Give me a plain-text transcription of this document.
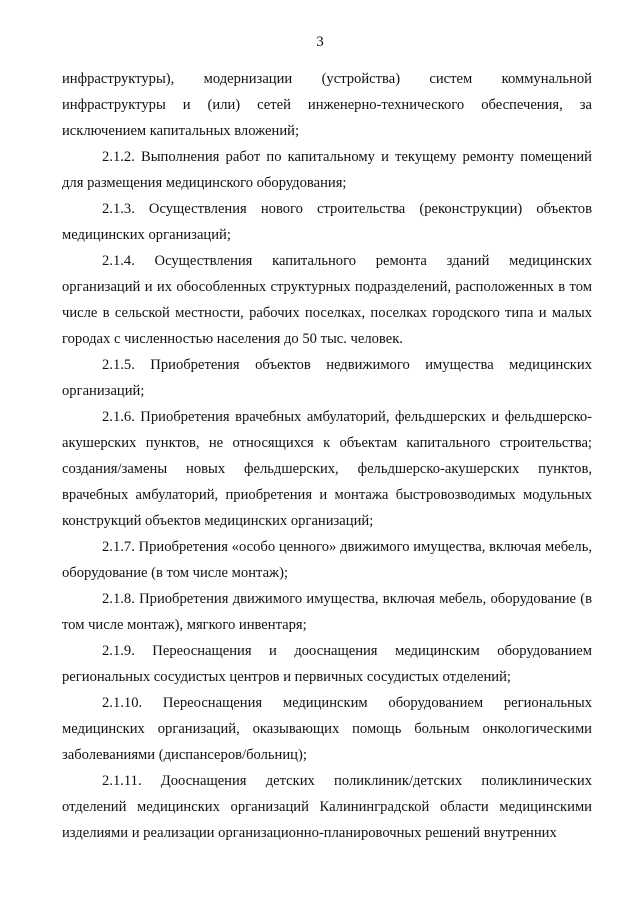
3

инфраструктуры), модернизации (устройства) систем коммунальной инфраструктуры и (или) сетей инженерно-технического обеспечения, за исключением капитальных вложений;

2.1.2. Выполнения работ по капитальному и текущему ремонту помещений для размещения медицинского оборудования;

2.1.3. Осуществления нового строительства (реконструкции) объектов медицинских организаций;

2.1.4. Осуществления капитального ремонта зданий медицинских организаций и их обособленных структурных подразделений, расположенных в том числе в сельской местности, рабочих поселках, поселках городского типа и малых городах с численностью населения до 50 тыс. человек.

2.1.5. Приобретения объектов недвижимого имущества медицинских организаций;

2.1.6. Приобретения врачебных амбулаторий, фельдшерских и фельдшерско-акушерских пунктов, не относящихся к объектам капитального строительства; создания/замены новых фельдшерских, фельдшерско-акушерских пунктов, врачебных амбулаторий, приобретения и монтажа быстровозводимых модульных конструкций объектов медицинских организаций;

2.1.7. Приобретения «особо ценного» движимого имущества, включая мебель, оборудование (в том числе монтаж);

2.1.8. Приобретения движимого имущества, включая мебель, оборудование (в том числе монтаж), мягкого инвентаря;

2.1.9. Переоснащения и дооснащения медицинским оборудованием региональных сосудистых центров и первичных сосудистых отделений;

2.1.10. Переоснащения медицинским оборудованием региональных медицинских организаций, оказывающих помощь больным онкологическими заболеваниями (диспансеров/больниц);

2.1.11. Дооснащения детских поликлиник/детских поликлинических отделений медицинских организаций Калининградской области медицинскими изделиями и реализации организационно-планировочных решений внутренних
